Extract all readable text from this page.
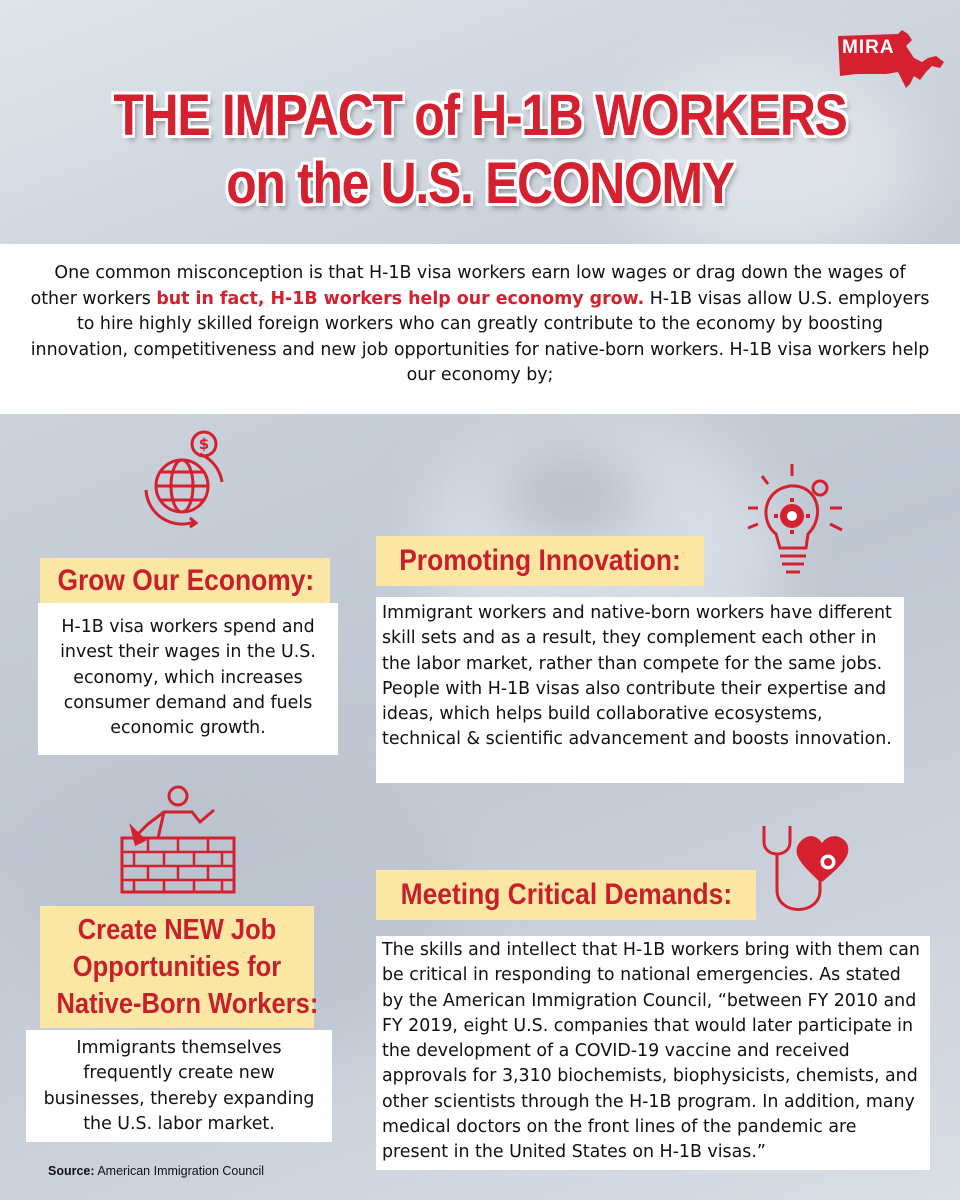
MIRA
THE IMPACT of H-1B WORKERS
on the U.S. ECONOMY
One common misconception is that H-1B visa workers earn low wages or drag down the wages of other workers but in fact, H-1B workers help our economy grow. H-1B visas allow U.S. employers to hire highly skilled foreign workers who can greatly contribute to the economy by boosting innovation, competitiveness and new job opportunities for native-born workers. H-1B visa workers help our economy by;
$
Grow Our Economy:
H-1B visa workers spend and invest their wages in the U.S. economy, which increases consumer demand and fuels economic growth.
Promoting Innovation:
Immigrant workers and native-born workers have different skill sets and as a result, they complement each other in the labor market, rather than compete for the same jobs. People with H-1B visas also contribute their expertise and ideas, which helps build collaborative ecosystems, technical & scientific advancement and boosts innovation.
Create NEW Job
Opportunities for
Native-Born Workers:
Immigrants themselves frequently create new businesses, thereby expanding the U.S. labor market.
Meeting Critical Demands:
The skills and intellect that H-1B workers bring with them can be critical in responding to national emergencies. As stated by the American Immigration Council, “between FY 2010 and FY 2019, eight U.S. companies that would later participate in the development of a COVID-19 vaccine and received approvals for 3,310 biochemists, biophysicists, chemists, and other scientists through the H-1B program. In addition, many medical doctors on the front lines of the pandemic are present in the United States on H-1B visas.”
Source: American Immigration Council
